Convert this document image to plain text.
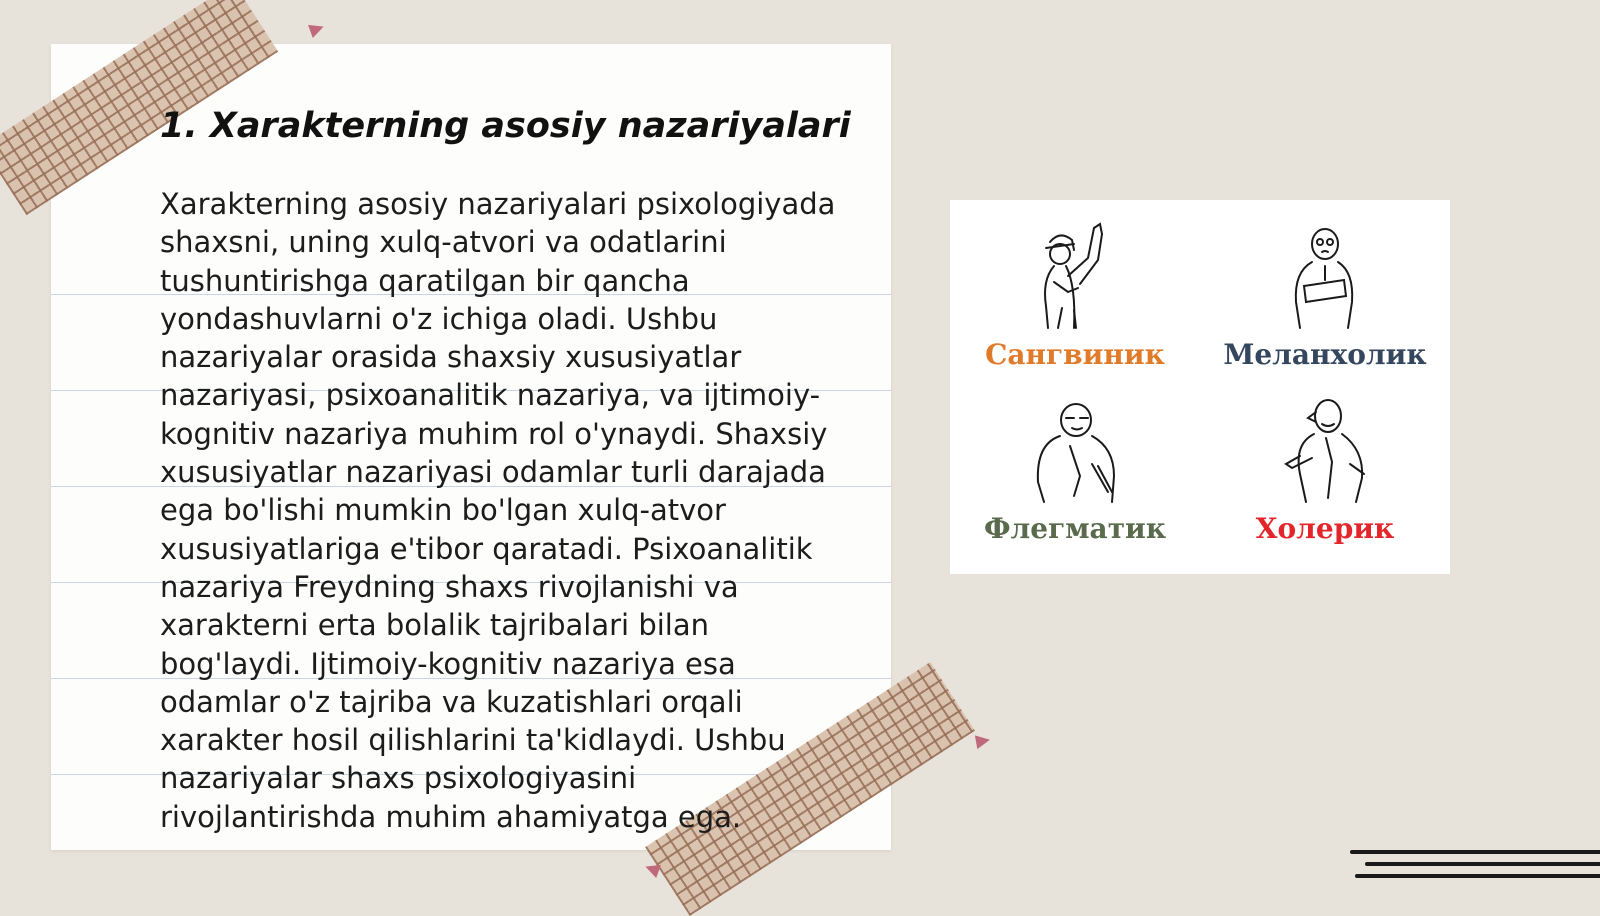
1. Xarakterning asosiy nazariyalari

Xarakterning asosiy nazariyalari psixologiyada shaxsni, uning xulq-atvori va odatlarini tushuntirishga qaratilgan bir qancha yondashuvlarni o'z ichiga oladi. Ushbu nazariyalar orasida shaxsiy xususiyatlar nazariyasi, psixoanalitik nazariya, va ijtimoiy-kognitiv nazariya muhim rol o'ynaydi. Shaxsiy xususiyatlar nazariyasi odamlar turli darajada ega bo'lishi mumkin bo'lgan xulq-atvor xususiyatlariga e'tibor qaratadi. Psixoanalitik nazariya Freydning shaxs rivojlanishi va xarakterni erta bolalik tajribalari bilan bog'laydi. Ijtimoiy-kognitiv nazariya esa odamlar o'z tajriba va kuzatishlari orqali xarakter hosil qilishlarini ta'kidlaydi. Ushbu nazariyalar shaxs psixologiyasini rivojlantirishda muhim ahamiyatga ega.

Сангвиник	Меланхолик
Флегматик	Холерик
